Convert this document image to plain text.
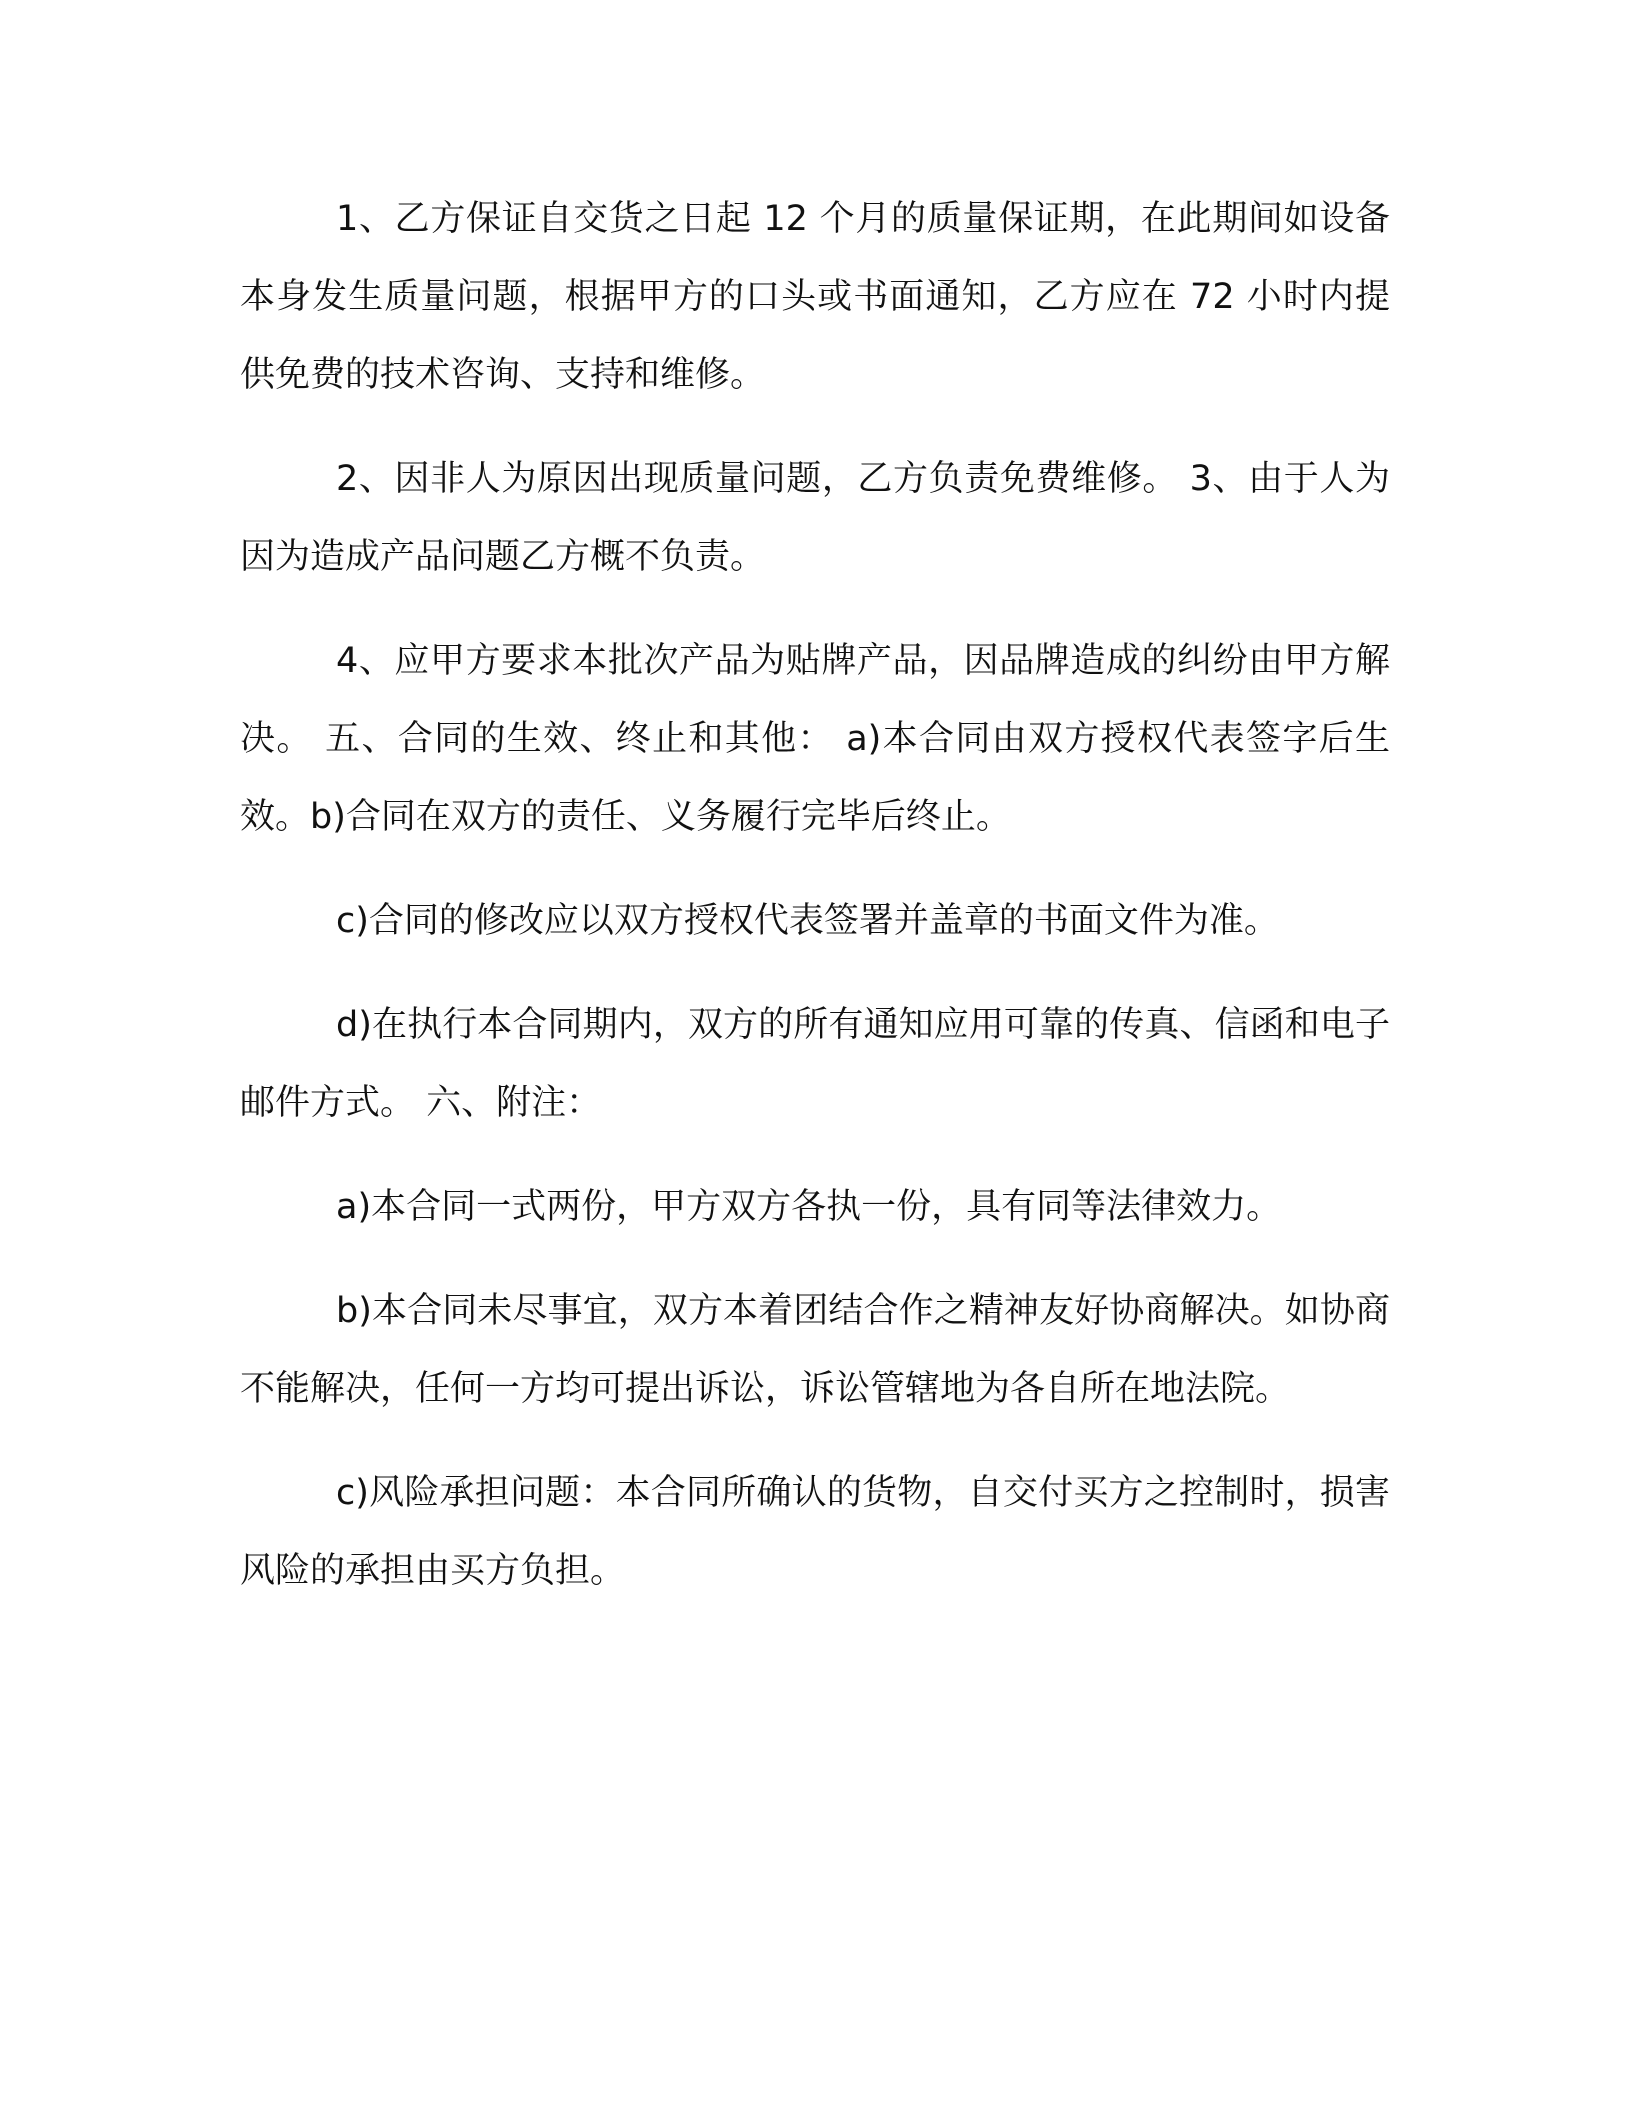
1、乙方保证自交货之日起 12 个月的质量保证期，在此期间如设备本身发生质量问题，根据甲方的口头或书面通知，乙方应在 72 小时内提供免费的技术咨询、支持和维修。

2、因非人为原因出现质量问题，乙方负责免费维修。 3、由于人为因为造成产品问题乙方概不负责。

4、应甲方要求本批次产品为贴牌产品，因品牌造成的纠纷由甲方解决。 五、合同的生效、终止和其他： a)本合同由双方授权代表签字后生效。b)合同在双方的责任、义务履行完毕后终止。

c)合同的修改应以双方授权代表签署并盖章的书面文件为准。

d)在执行本合同期内，双方的所有通知应用可靠的传真、信函和电子邮件方式。 六、附注：

a)本合同一式两份，甲方双方各执一份，具有同等法律效力。

b)本合同未尽事宜，双方本着团结合作之精神友好协商解决。如协商不能解决，任何一方均可提出诉讼，诉讼管辖地为各自所在地法院。

c)风险承担问题：本合同所确认的货物，自交付买方之控制时，损害风险的承担由买方负担。
